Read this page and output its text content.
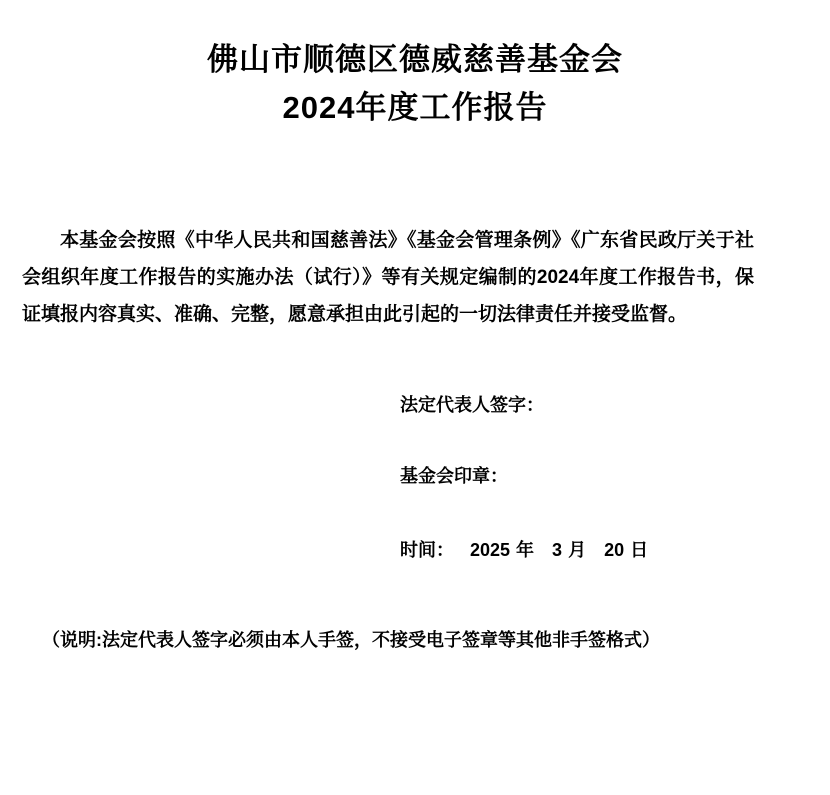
佛山市顺德区德威慈善基金会
2024年度工作报告

本基金会按照《中华人民共和国慈善法》《基金会管理条例》《广东省民政厅关于社会组织年度工作报告的实施办法（试行）》等有关规定编制的2024年度工作报告书，保证填报内容真实、准确、完整，愿意承担由此引起的一切法律责任并接受监督。

法定代表人签字：
基金会印章：
时间： 2025 年 3 月 20 日
（说明:法定代表人签字必须由本人手签，不接受电子签章等其他非手签格式）
